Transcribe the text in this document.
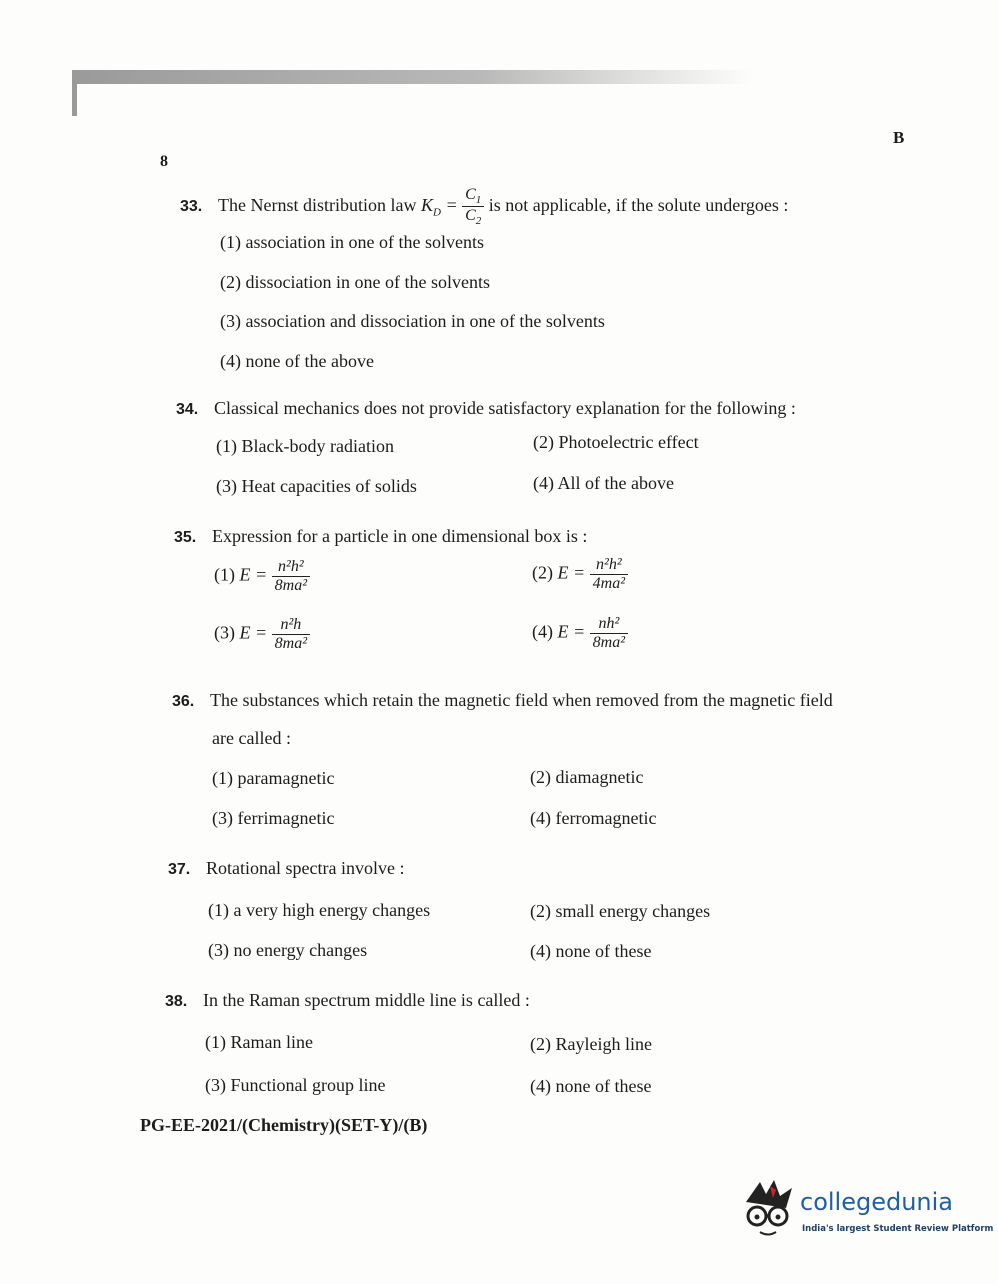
B
8
33. The Nernst distribution law $K_D = \frac{C_1}{C_2}$ is not applicable, if the solute undergoes :
(1) association in one of the solvents
(2) dissociation in one of the solvents
(3) association and dissociation in one of the solvents
(4) none of the above
34. Classical mechanics does not provide satisfactory explanation for the following :
(1) Black-body radiation	(2) Photoelectric effect
(3) Heat capacities of solids	(4) All of the above
35. Expression for a particle in one dimensional box is :
(1) $E = \frac{\text{n²h²}}{\text{8ma²}}$	(2) $E = \frac{\text{n²h²}}{\text{4ma²}}$
(3) $E = \frac{\text{n²h}}{\text{8ma²}}$	(4) $E = \frac{\text{nh²}}{\text{8ma²}}$
36. The substances which retain the magnetic field when removed from the magnetic field
are called :
(1) paramagnetic	(2) diamagnetic
(3) ferrimagnetic	(4) ferromagnetic
37. Rotational spectra involve :
(1) a very high energy changes	(2) small energy changes
(3) no energy changes	(4) none of these
38. In the Raman spectrum middle line is called :
(1) Raman line	(2) Rayleigh line
(3) Functional group line	(4) none of these
PG-EE-2021/(Chemistry)(SET-Y)/(B)
collegedunia
India's largest Student Review Platform
